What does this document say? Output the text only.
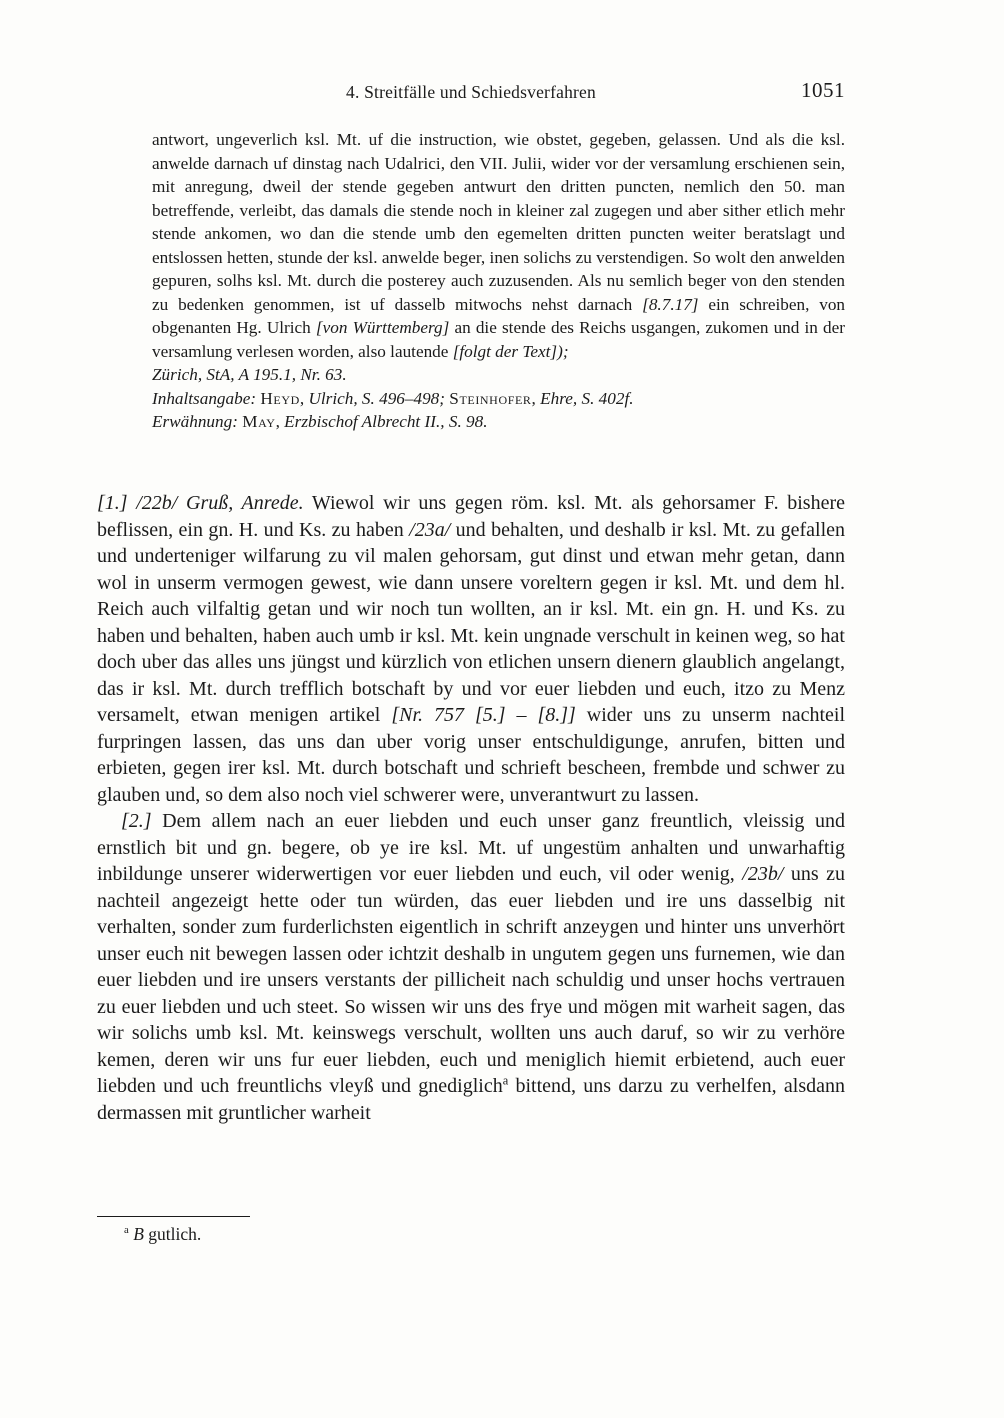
4. Streitfälle und Schiedsverfahren	1051

antwort, ungeverlich ksl. Mt. uf die instruction, wie obstet, gegeben, gelassen. Und als die ksl. anwelde darnach uf dinstag nach Udalrici, den VII. Julii, wider vor der versamlung erschienen sein, mit anregung, dweil der stende gegeben antwurt den dritten puncten, nemlich den 50. man betreffende, verleibt, das damals die stende noch in kleiner zal zugegen und aber sither etlich mehr stende ankomen, wo dan die stende umb den egemelten dritten puncten weiter beratslagt und entslossen hetten, stunde der ksl. anwelde beger, inen solichs zu verstendigen. So wolt den anwelden gepuren, solhs ksl. Mt. durch die posterey auch zuzusenden. Als nu semlich beger von den stenden zu bedenken genommen, ist uf dasselb mitwochs nehst darnach [8.7.17] ein schreiben, von obgenanten Hg. Ulrich [von Württemberg] an die stende des Reichs usgangen, zukomen und in der versamlung verlesen worden, also lautende [folgt der Text]);

Zürich, StA, A 195.1, Nr. 63.

Inhaltsangabe: Heyd, Ulrich, S. 496–498; Steinhofer, Ehre, S. 402f.

Erwähnung: May, Erzbischof Albrecht II., S. 98.

[1.] /22b/ Gruß, Anrede. Wiewol wir uns gegen röm. ksl. Mt. als gehorsamer F. bishere beflissen, ein gn. H. und Ks. zu haben /23a/ und behalten, und deshalb ir ksl. Mt. zu gefallen und underteniger wilfarung zu vil malen gehorsam, gut dinst und etwan mehr getan, dann wol in unserm vermogen gewest, wie dann unsere voreltern gegen ir ksl. Mt. und dem hl. Reich auch vilfaltig getan und wir noch tun wollten, an ir ksl. Mt. ein gn. H. und Ks. zu haben und behalten, haben auch umb ir ksl. Mt. kein ungnade verschult in keinen weg, so hat doch uber das alles uns jüngst und kürzlich von etlichen unsern dienern glaublich angelangt, das ir ksl. Mt. durch trefflich botschaft by und vor euer liebden und euch, itzo zu Menz versamelt, etwan menigen artikel [Nr. 757 [5.] – [8.]] wider uns zu unserm nachteil furpringen lassen, das uns dan uber vorig unser entschuldigunge, anrufen, bitten und erbieten, gegen irer ksl. Mt. durch botschaft und schrieft bescheen, frembde und schwer zu glauben und, so dem also noch viel schwerer were, unverantwurt zu lassen.

[2.] Dem allem nach an euer liebden und euch unser ganz freuntlich, vleissig und ernstlich bit und gn. begere, ob ye ire ksl. Mt. uf ungestüm anhalten und unwarhaftig inbildunge unserer widerwertigen vor euer liebden und euch, vil oder wenig, /23b/ uns zu nachteil angezeigt hette oder tun würden, das euer liebden und ire uns dasselbig nit verhalten, sonder zum furderlichsten eigentlich in schrift anzeygen und hinter uns unverhört unser euch nit bewegen lassen oder ichtzit deshalb in ungutem gegen uns furnemen, wie dan euer liebden und ire unsers verstants der pillicheit nach schuldig und unser hochs vertrauen zu euer liebden und uch steet. So wissen wir uns des frye und mögen mit warheit sagen, das wir solichs umb ksl. Mt. keinswegs verschult, wollten uns auch daruf, so wir zu verhöre kemen, deren wir uns fur euer liebden, euch und meniglich hiemit erbietend, auch euer liebden und uch freuntlichs vleyß und gnediglich$^a$ bittend, uns darzu zu verhelfen, alsdann dermassen mit gruntlicher warheit

$^a$ B gutlich.
